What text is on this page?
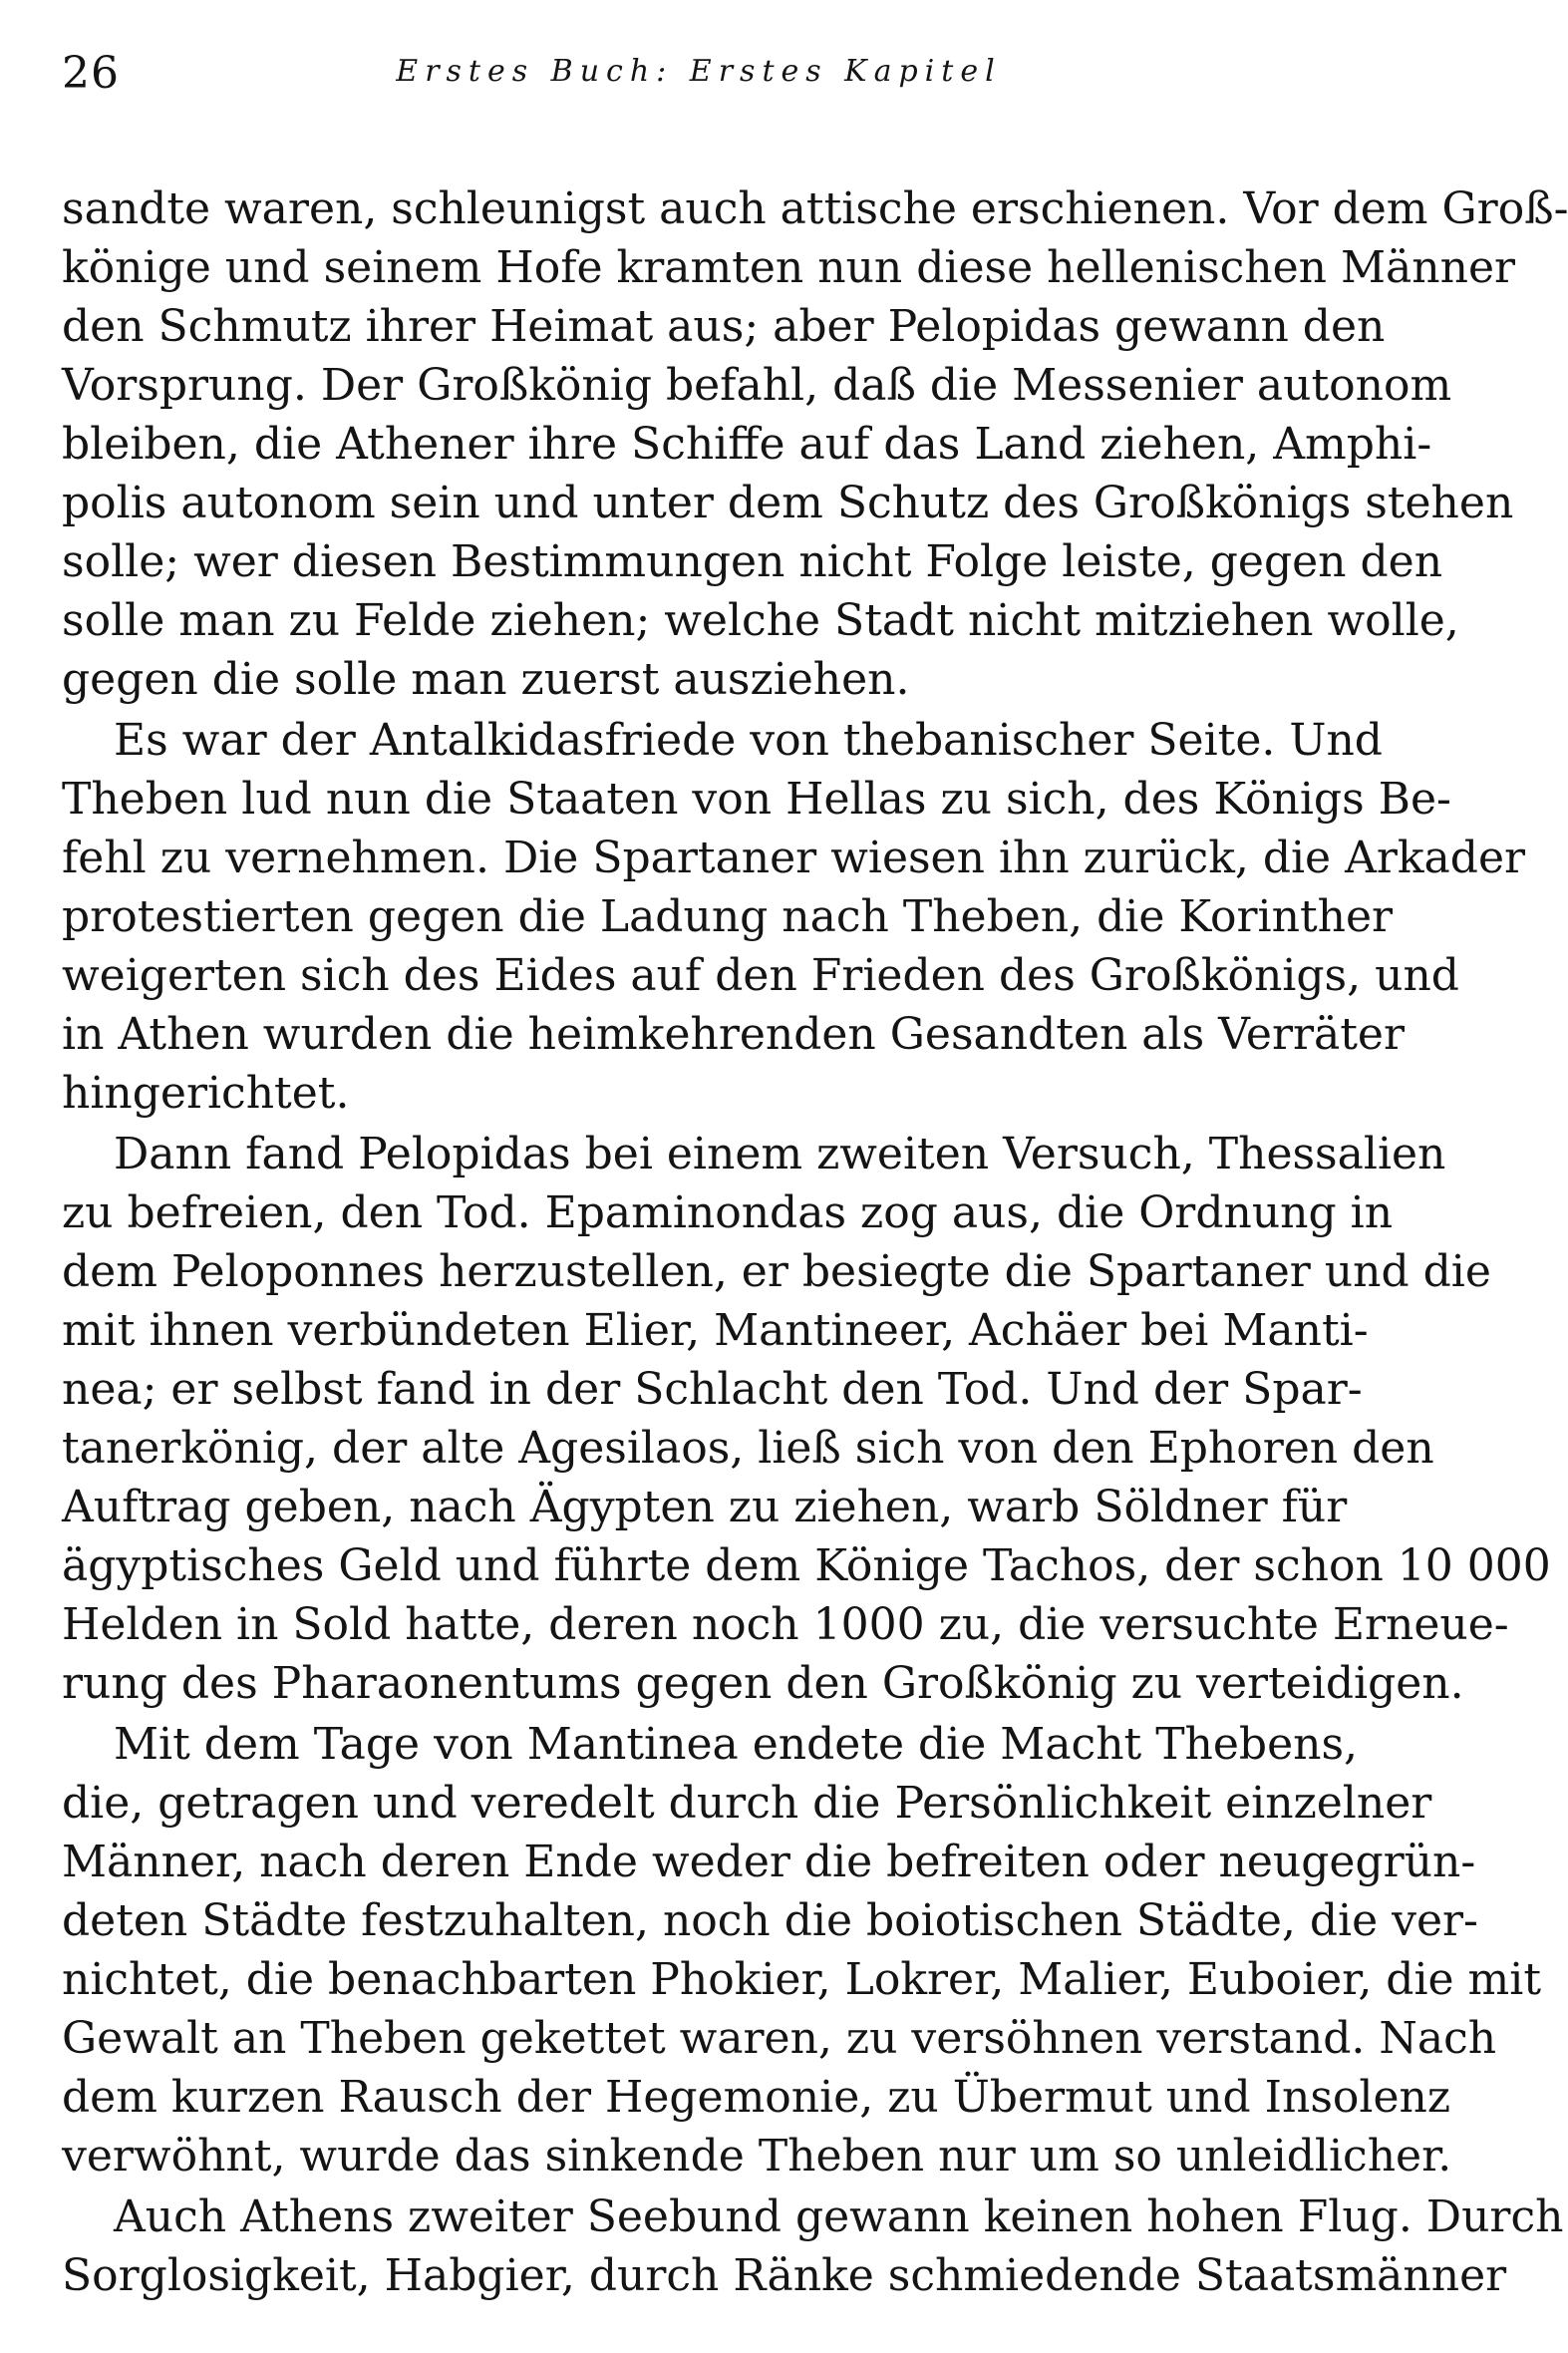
26	Erstes Buch: Erstes Kapitel

sandte waren, schleunigst auch attische erschienen. Vor dem Groß-
könige und seinem Hofe kramten nun diese hellenischen Männer
den Schmutz ihrer Heimat aus; aber Pelopidas gewann den
Vorsprung. Der Großkönig befahl, daß die Messenier autonom
bleiben, die Athener ihre Schiffe auf das Land ziehen, Amphi-
polis autonom sein und unter dem Schutz des Großkönigs stehen
solle; wer diesen Bestimmungen nicht Folge leiste, gegen den
solle man zu Felde ziehen; welche Stadt nicht mitziehen wolle,
gegen die solle man zuerst ausziehen.

Es war der Antalkidasfriede von thebanischer Seite. Und
Theben lud nun die Staaten von Hellas zu sich, des Königs Be-
fehl zu vernehmen. Die Spartaner wiesen ihn zurück, die Arkader
protestierten gegen die Ladung nach Theben, die Korinther
weigerten sich des Eides auf den Frieden des Großkönigs, und
in Athen wurden die heimkehrenden Gesandten als Verräter
hingerichtet.

Dann fand Pelopidas bei einem zweiten Versuch, Thessalien
zu befreien, den Tod. Epaminondas zog aus, die Ordnung in
dem Peloponnes herzustellen, er besiegte die Spartaner und die
mit ihnen verbündeten Elier, Mantineer, Achäer bei Manti-
nea; er selbst fand in der Schlacht den Tod. Und der Spar-
tanerkönig, der alte Agesilaos, ließ sich von den Ephoren den
Auftrag geben, nach Ägypten zu ziehen, warb Söldner für
ägyptisches Geld und führte dem Könige Tachos, der schon 10 000
Helden in Sold hatte, deren noch 1000 zu, die versuchte Erneue-
rung des Pharaonentums gegen den Großkönig zu verteidigen.

Mit dem Tage von Mantinea endete die Macht Thebens,
die, getragen und veredelt durch die Persönlichkeit einzelner
Männer, nach deren Ende weder die befreiten oder neugegrün-
deten Städte festzuhalten, noch die boiotischen Städte, die ver-
nichtet, die benachbarten Phokier, Lokrer, Malier, Euboier, die mit
Gewalt an Theben gekettet waren, zu versöhnen verstand. Nach
dem kurzen Rausch der Hegemonie, zu Übermut und Insolenz
verwöhnt, wurde das sinkende Theben nur um so unleidlicher.

Auch Athens zweiter Seebund gewann keinen hohen Flug. Durch
Sorglosigkeit, Habgier, durch Ränke schmiedende Staatsmänner
